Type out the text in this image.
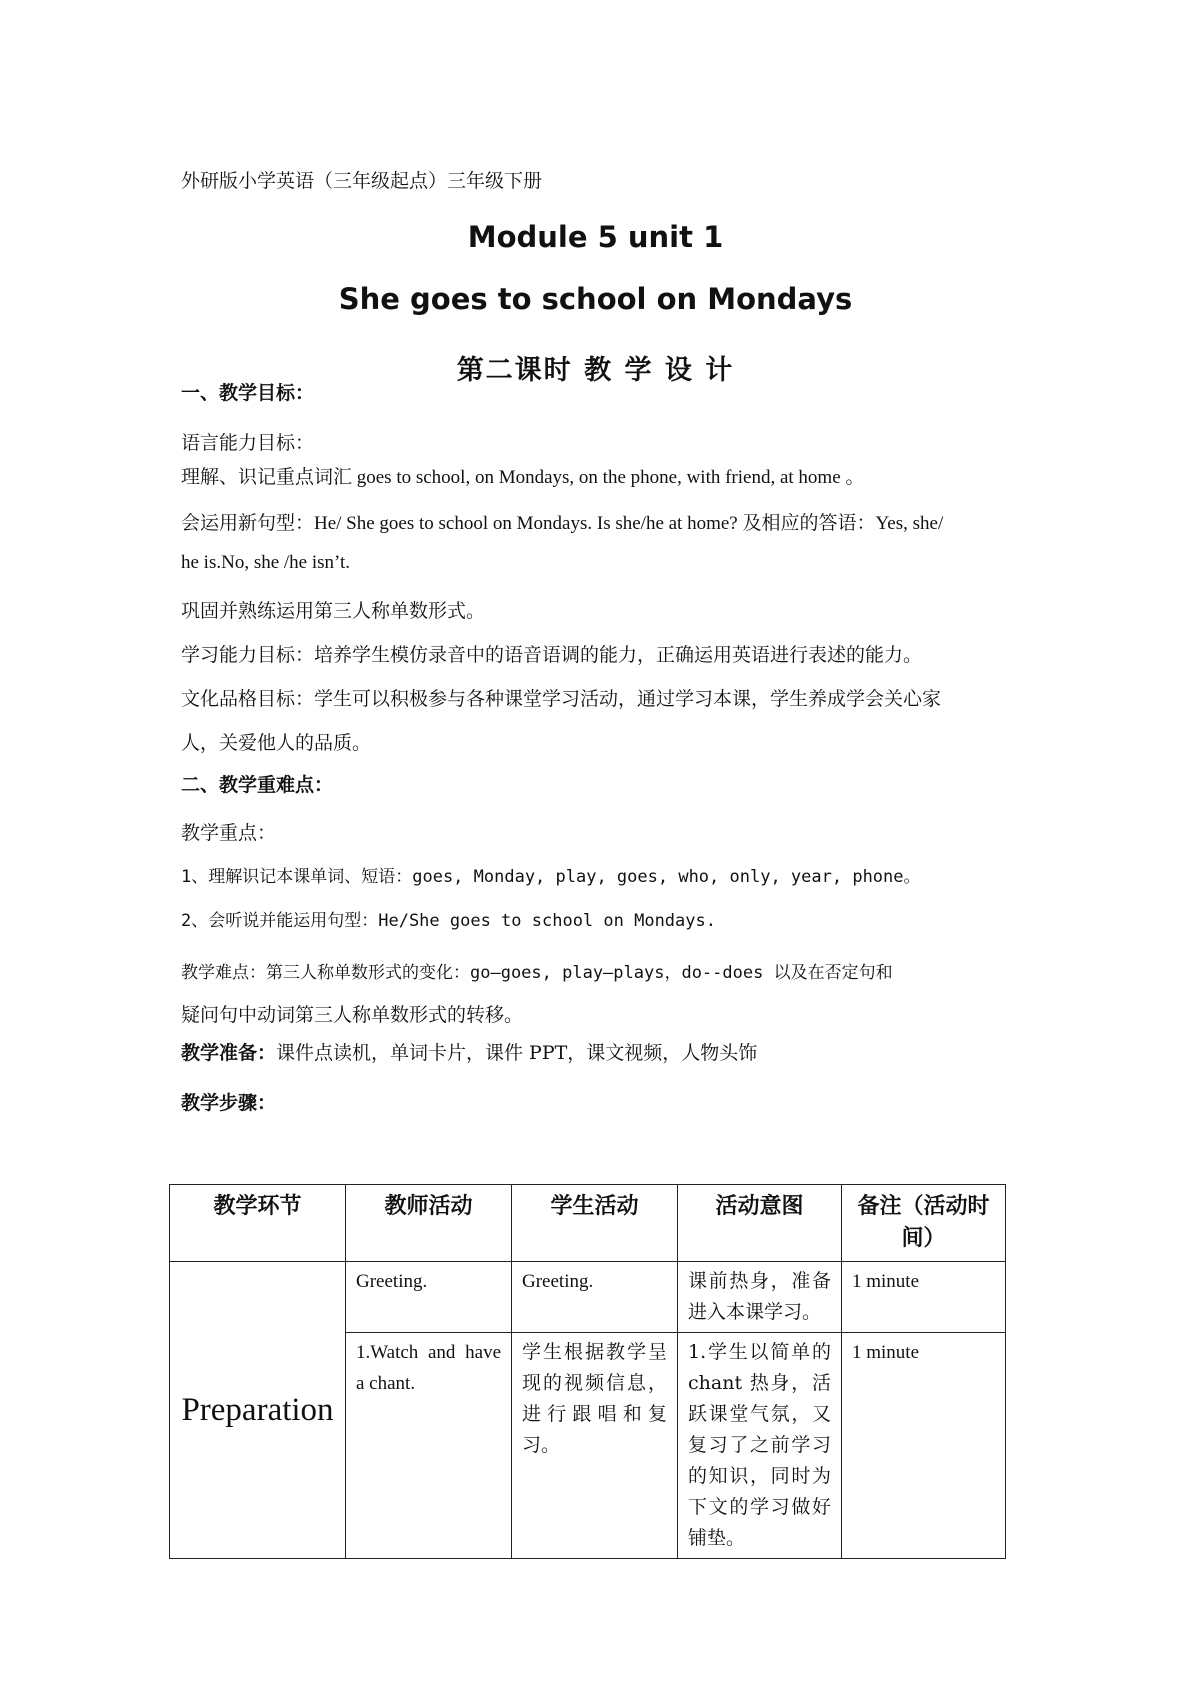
外研版小学英语（三年级起点）三年级下册
Module 5 unit 1
She goes to school on Mondays
第二课时 教 学 设 计
一、教学目标：
语言能力目标：
理解、识记重点词汇 goes to school, on Mondays, on the phone, with friend, at home 。
会运用新句型：He/ She goes to school on Mondays. Is she/he at home? 及相应的答语：Yes, she/
he is.No, she /he isn’t.
巩固并熟练运用第三人称单数形式。
学习能力目标：培养学生模仿录音中的语音语调的能力，正确运用英语进行表述的能力。
文化品格目标：学生可以积极参与各种课堂学习活动，通过学习本课，学生养成学会关心家
人，关爱他人的品质。
二、教学重难点：
教学重点：
1、理解识记本课单词、短语：goes, Monday, play, goes, who, only, year, phone。
2、会听说并能运用句型：He/She goes to school on Mondays.
教学难点：第三人称单数形式的变化：go—goes, play—plays，do--does 以及在否定句和
疑问句中动词第三人称单数形式的转移。
教学准备：课件点读机，单词卡片，课件 PPT，课文视频，人物头饰
教学步骤：
教学环节	教师活动	学生活动	活动意图	备注（活动时间）
Preparation	Greeting.	Greeting.	课前热身，准备进入本课学习。	1 minute
	1.Watch and have a chant.	学生根据教学呈现的视频信息，进行跟唱和复习。	1.学生以简单的 chant 热身，活跃课堂气氛，又复习了之前学习的知识，同时为下文的学习做好铺垫。	1 minute
